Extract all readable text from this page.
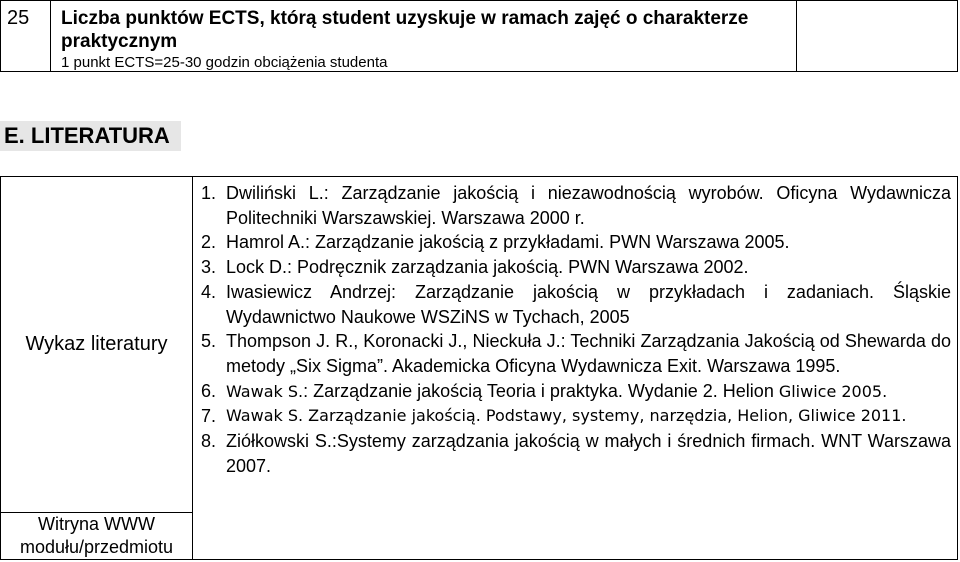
25	Liczba punktów ECTS, którą student uzyskuje w ramach zajęć o charakterze praktycznym
1 punkt ECTS=25-30 godzin obciążenia studenta
E. LITERATURA
Wykaz literatury
Witryna WWW modułu/przedmiotu
1. Dwiliński L.: Zarządzanie jakością i niezawodnością wyrobów. Oficyna Wydawnicza Politechniki Warszawskiej. Warszawa 2000 r.
2. Hamrol A.: Zarządzanie jakością z przykładami. PWN Warszawa 2005.
3. Lock D.: Podręcznik zarządzania jakością. PWN Warszawa 2002.
4. Iwasiewicz Andrzej: Zarządzanie jakością w przykładach i zadaniach. Śląskie Wydawnictwo Naukowe WSZiNS w Tychach, 2005
5. Thompson J. R., Koronacki J., Nieckuła J.: Techniki Zarządzania Jakością od Shewarda do metody „Six Sigma”. Akademicka Oficyna Wydawnicza Exit. Warszawa 1995.
6. Wawak S.: Zarządzanie jakością Teoria i praktyka. Wydanie 2. Helion Gliwice 2005.
7. Wawak S. Zarządzanie jakością. Podstawy, systemy, narzędzia, Helion, Gliwice 2011.
8. Ziółkowski S.:Systemy zarządzania jakością w małych i średnich firmach. WNT Warszawa 2007.
